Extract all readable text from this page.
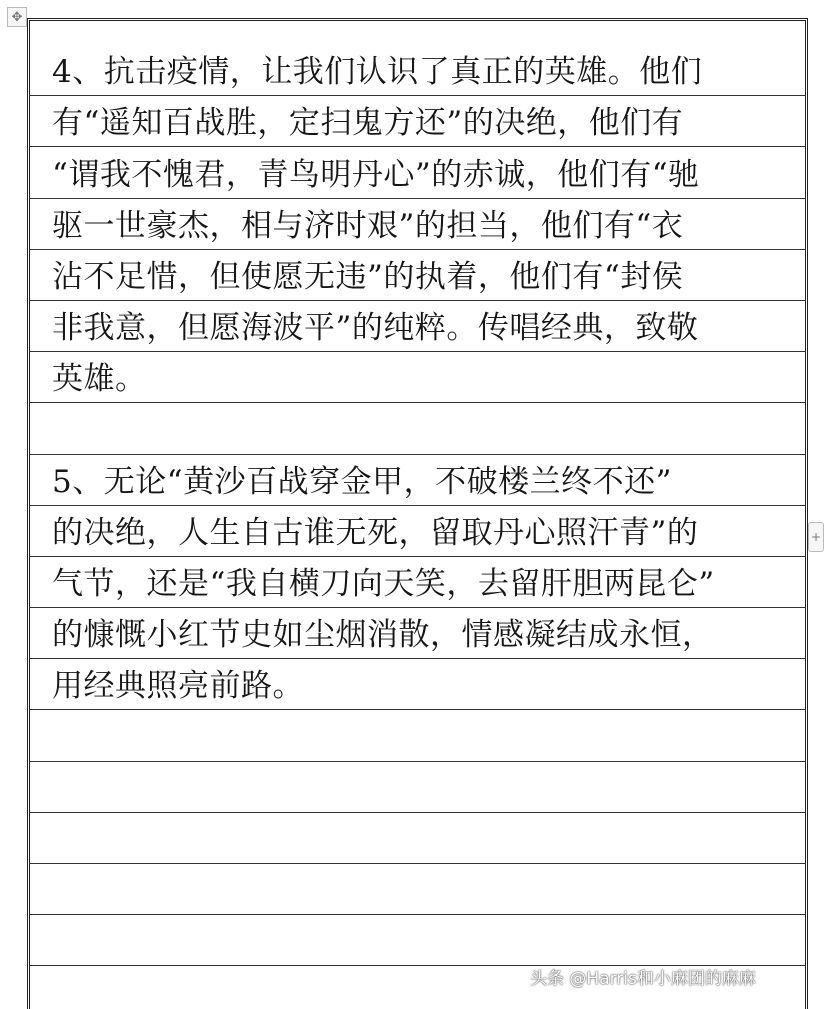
✥
+
4、抗击疫情，让我们认识了真正的英雄。他们
有“遥知百战胜，定扫鬼方还”的决绝，他们有
“谓我不愧君，青鸟明丹心”的赤诚，他们有“驰
驱一世豪杰，相与济时艰”的担当，他们有“衣
沾不足惜，但使愿无违”的执着，他们有“封侯
非我意，但愿海波平”的纯粹。传唱经典，致敬
英雄。
5、无论“黄沙百战穿金甲，不破楼兰终不还”
的决绝，人生自古谁无死，留取丹心照汗青”的
气节，还是“我自横刀向天笑，去留肝胆两昆仑”
的慷慨小红节史如尘烟消散，情感凝结成永恒，
用经典照亮前路。
头条 @Harris和小麻团的麻麻
